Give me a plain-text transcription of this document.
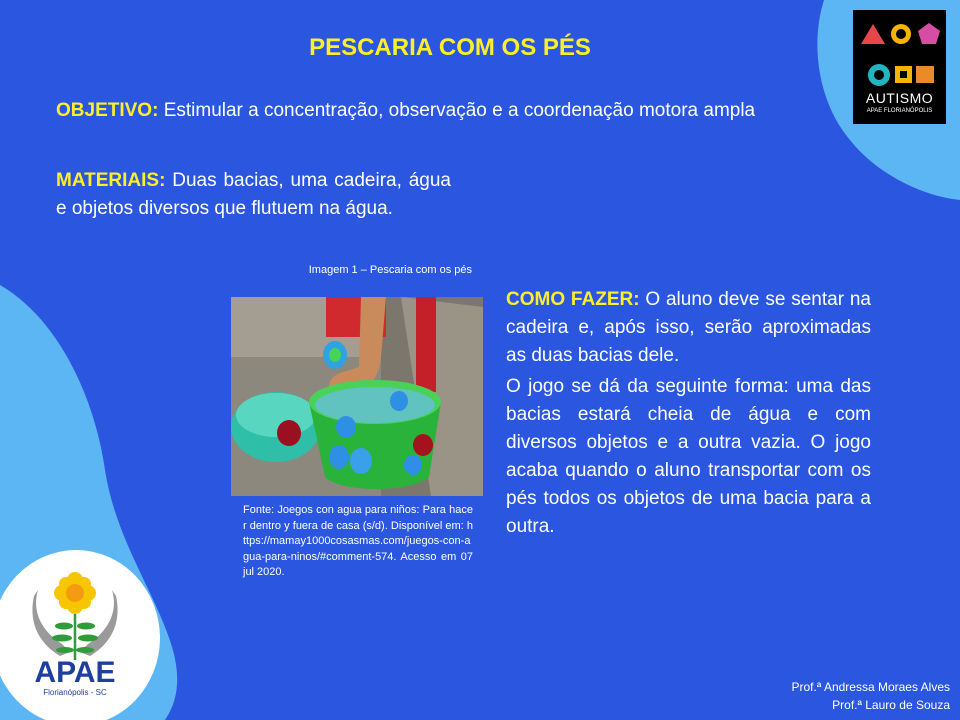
PESCARIA COM OS PÉS
OBJETIVO: Estimular a concentração, observação e a coordenação motora ampla
MATERIAIS: Duas bacias, uma cadeira, água e objetos diversos que flutuem na água.
Imagem 1 – Pescaria com os pés
Fonte: Joegos con agua para niños: Para hacer dentro y fuera de casa (s/d). Disponível em: https://mamay1000cosasmas.com/juegos-con-agua-para-ninos/#comment-574. Acesso em 07 jul 2020.
COMO FAZER: O aluno deve se sentar na cadeira e, após isso, serão aproximadas as duas bacias dele.
O jogo se dá da seguinte forma: uma das bacias estará cheia de água e com diversos objetos e a outra vazia. O jogo acaba quando o aluno transportar com os pés todos os objetos de uma bacia para a outra.
AUTISMO
APAE FLORIANÓPOLIS
APAE
Florianópolis - SC	Prof.ª Andressa Moraes Alves
Prof.ª Lauro de Souza
